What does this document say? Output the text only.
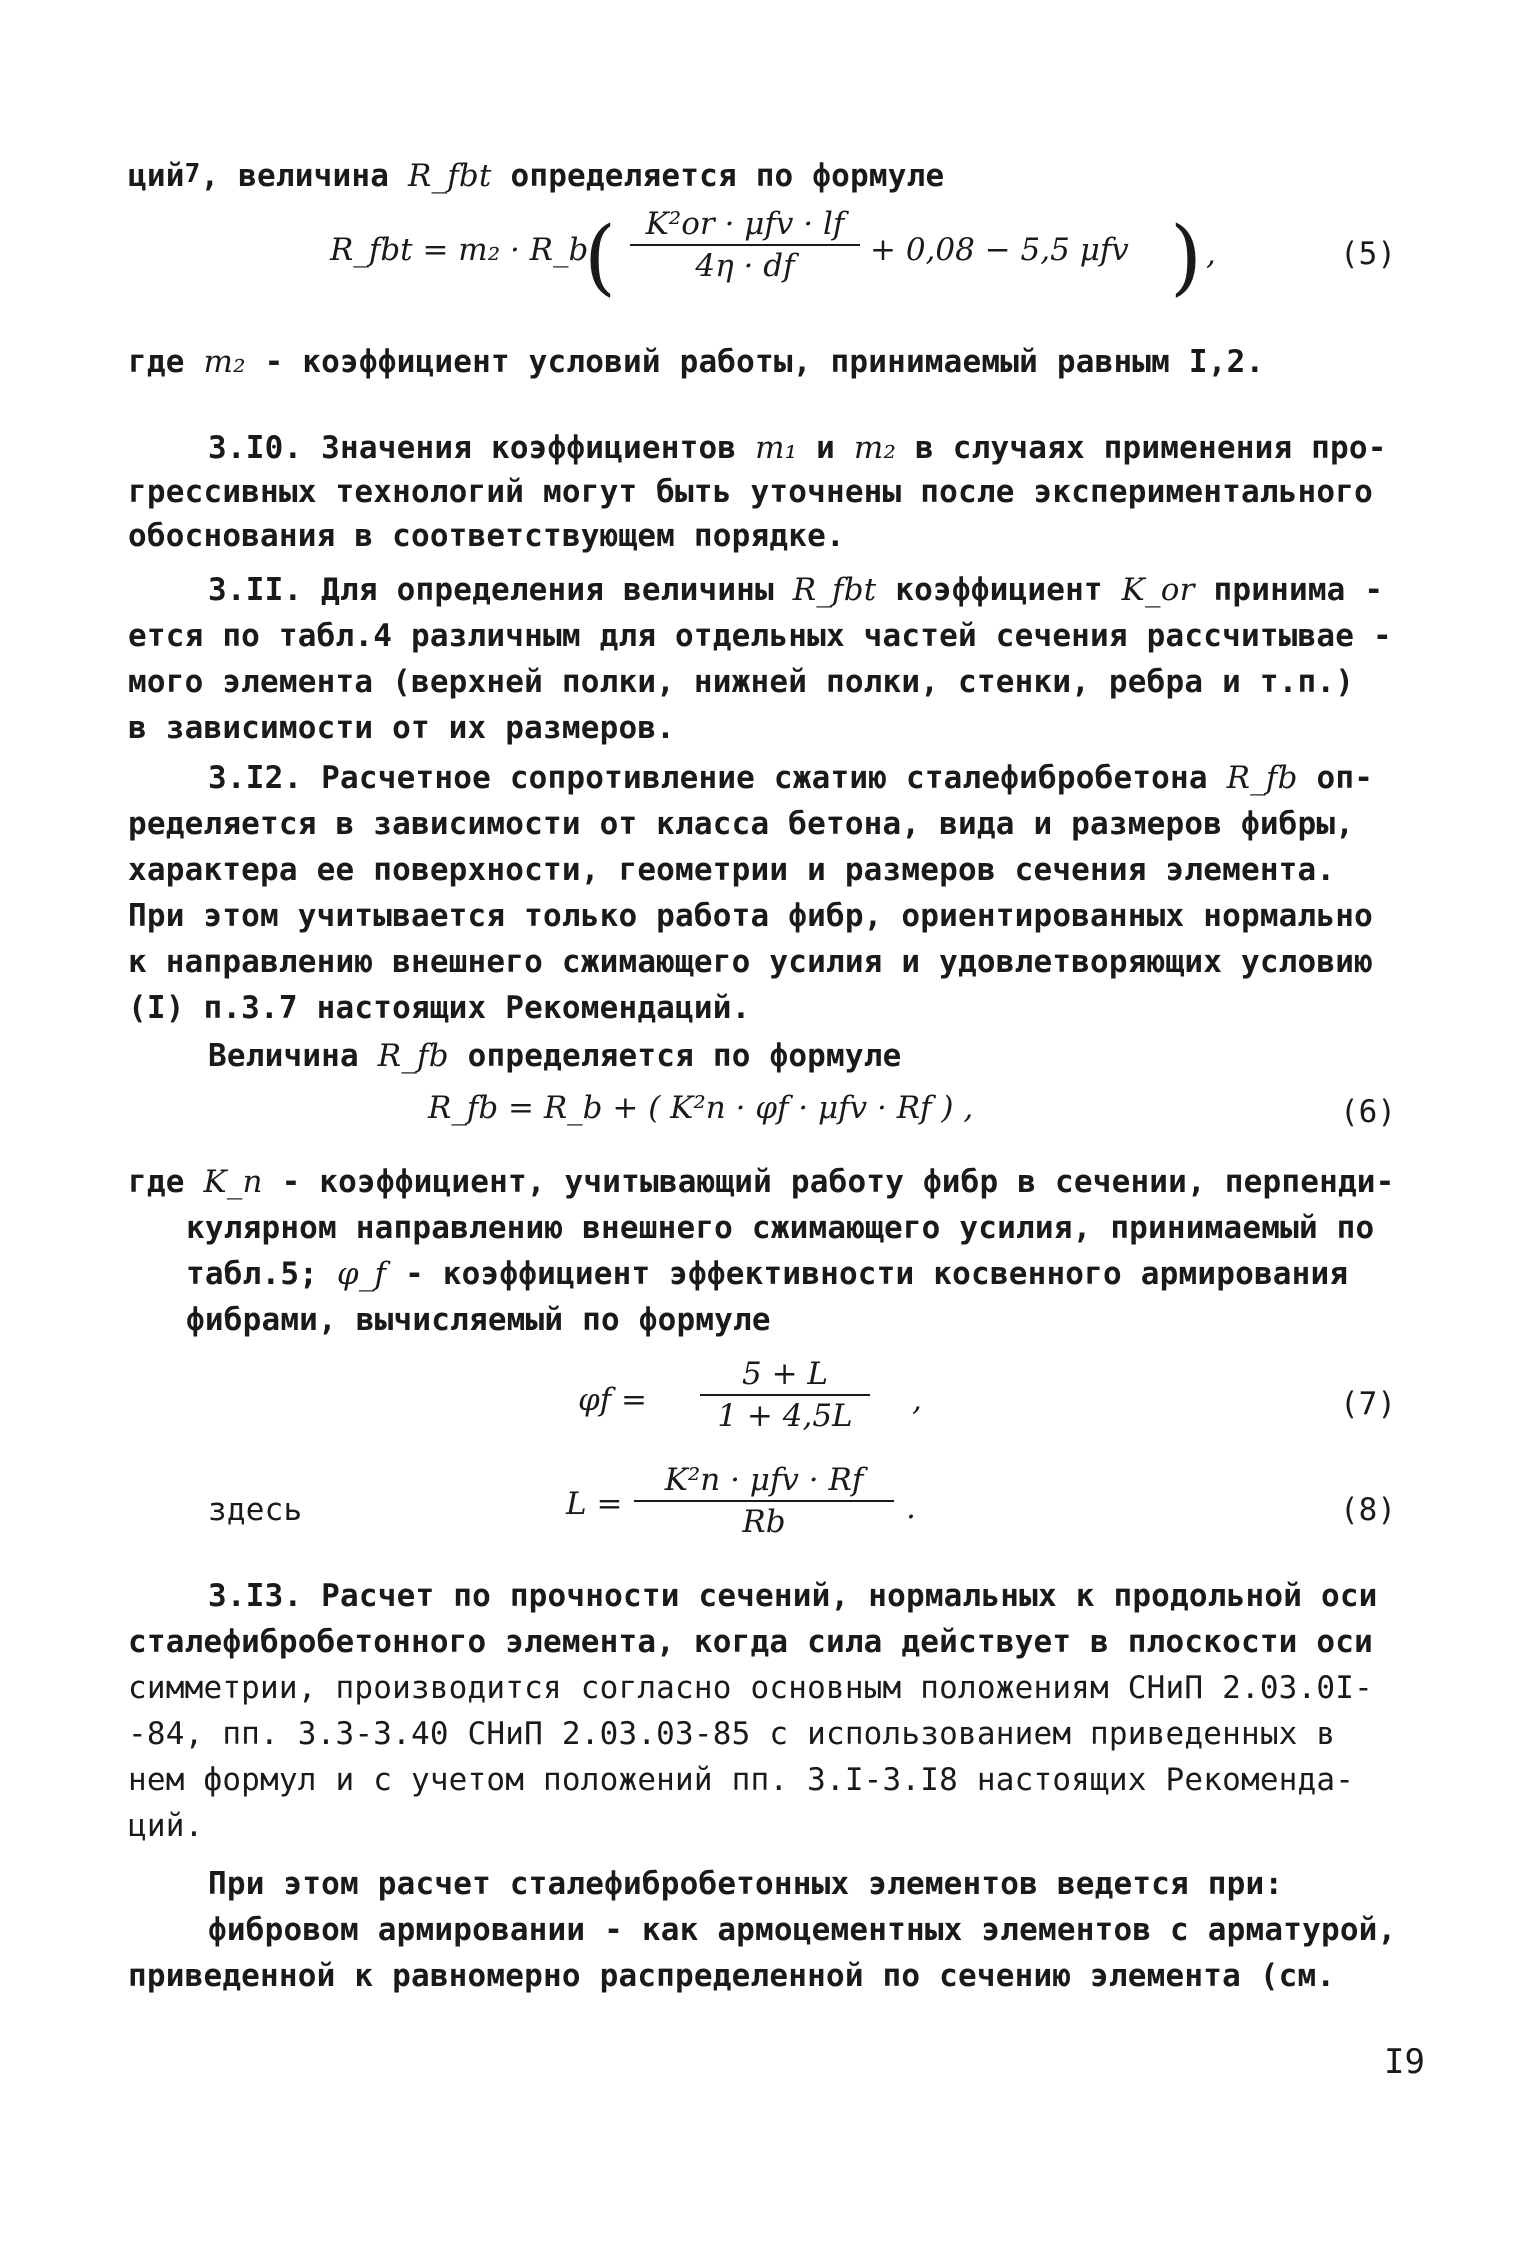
ций7, величина R_fbt определяется по формуле
R_fbt = m₂ · R_b
( K²or · μfv · lf
4η · df	+ 0,08 − 5,5 μfv ) ,	(5)
где m₂ - коэффициент условий работы, принимаемый равным I,2.
3.I0. Значения коэффициентов m₁ и m₂ в случаях применения про-
грессивных технологий могут быть уточнены после экспериментального
обоснования в соответствующем порядке.
3.II. Для определения величины R_fbt коэффициент K_or принима -
ется по табл.4 различным для отдельных частей сечения рассчитывае -
мого элемента (верхней полки, нижней полки, стенки, ребра и т.п.)
в зависимости от их размеров.
3.I2. Расчетное сопротивление сжатию сталефибробетона R_fb оп-
ределяется в зависимости от класса бетона, вида и размеров фибры,
характера ее поверхности, геометрии и размеров сечения элемента.
При этом учитывается только работа фибр, ориентированных нормально
к направлению внешнего сжимающего усилия и удовлетворяющих условию
(I) п.3.7 настоящих Рекомендаций.
Величина R_fb определяется по формуле
R_fb = R_b + ( K²n · φf · μfv · Rf ) ,	(6)
где K_n - коэффициент, учитывающий работу фибр в сечении, перпенди-
кулярном направлению внешнего сжимающего усилия, принимаемый по
табл.5; φ_f - коэффициент эффективности косвенного армирования
фибрами, вычисляемый по формуле
$\varphi f = \frac{5 + L}{1 + 4,5L}$ ,	(7)
здесь	L =
K²n · μfv · Rf
Rb	.	(8)
3.I3. Расчет по прочности сечений, нормальных к продольной оси
сталефибробетонного элемента, когда сила действует в плоскости оси
симметрии, производится согласно основным положениям СНиП 2.03.0I-
-84, пп. 3.3-3.40 СНиП 2.03.03-85 с использованием приведенных в
нем формул и с учетом положений пп. 3.I-3.I8 настоящих Рекоменда-
ций.
При этом расчет сталефибробетонных элементов ведется при:
фибровом армировании - как армоцементных элементов с арматурой,
приведенной к равномерно распределенной по сечению элемента (см.
I9
